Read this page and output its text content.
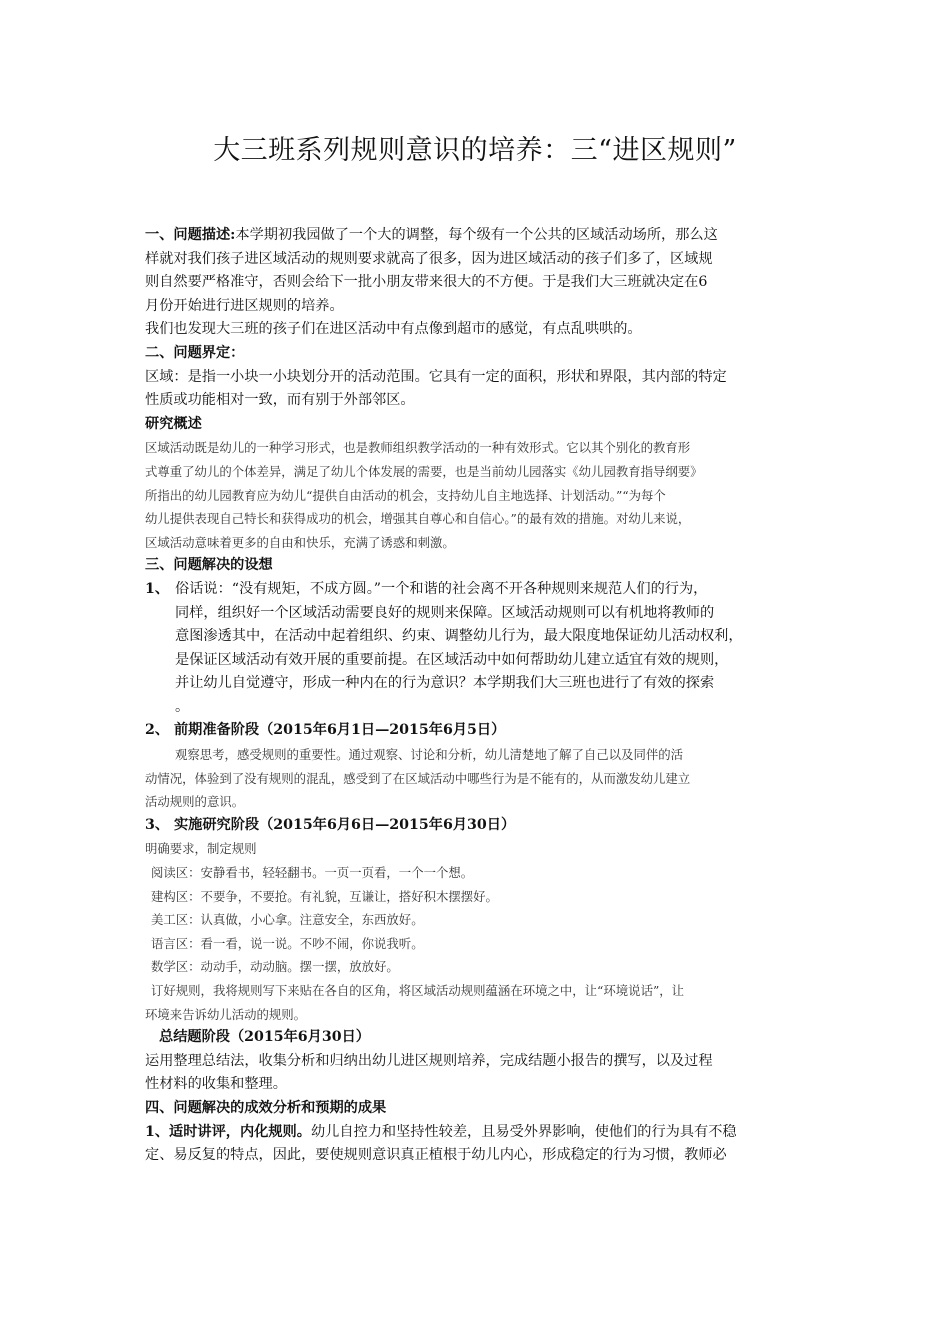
大三班系列规则意识的培养：三“进区规则”

一、问题描述:本学期初我园做了一个大的调整，每个级有一个公共的区域活动场所，那么这

样就对我们孩子进区域活动的规则要求就高了很多，因为进区域活动的孩子们多了，区域规

则自然要严格准守，否则会给下一批小朋友带来很大的不方便。于是我们大三班就决定在6

月份开始进行进区规则的培养。

我们也发现大三班的孩子们在进区活动中有点像到超市的感觉，有点乱哄哄的。

二、问题界定：

区域：是指一小块一小块划分开的活动范围。它具有一定的面积，形状和界限，其内部的特定

性质或功能相对一致，而有别于外部邻区。

研究概述

区域活动既是幼儿的一种学习形式，也是教师组织教学活动的一种有效形式。它以其个别化的教育形

式尊重了幼儿的个体差异，满足了幼儿个体发展的需要，也是当前幼儿园落实《幼儿园教育指导纲要》

所指出的幼儿园教育应为幼儿“提供自由活动的机会，支持幼儿自主地选择、计划活动。”“为每个

幼儿提供表现自己特长和获得成功的机会，增强其自尊心和自信心。”的最有效的措施。对幼儿来说，

区域活动意味着更多的自由和快乐，充满了诱惑和刺激。

三、问题解决的设想

1、 俗话说：“没有规矩，不成方圆。”一个和谐的社会离不开各种规则来规范人们的行为，

同样，组织好一个区域活动需要良好的规则来保障。区域活动规则可以有机地将教师的

意图渗透其中，在活动中起着组织、约束、调整幼儿行为，最大限度地保证幼儿活动权利，

是保证区域活动有效开展的重要前提。在区域活动中如何帮助幼儿建立适宜有效的规则，

并让幼儿自觉遵守，形成一种内在的行为意识？本学期我们大三班也进行了有效的探索

。

2、 前期准备阶段（2015年6月1日—2015年6月5日）

观察思考，感受规则的重要性。通过观察、讨论和分析，幼儿清楚地了解了自己以及同伴的活

动情况，体验到了没有规则的混乱，感受到了在区域活动中哪些行为是不能有的，从而激发幼儿建立

活动规则的意识。

3、 实施研究阶段（2015年6月6日—2015年6月30日）

明确要求，制定规则

阅读区：安静看书，轻轻翻书。一页一页看，一个一个想。

建构区：不要争，不要抢。有礼貌，互谦让，搭好积木摆摆好。

美工区：认真做，小心拿。注意安全，东西放好。

语言区：看一看，说一说。不吵不闹，你说我听。

数学区：动动手，动动脑。摆一摆，放放好。

订好规则，我将规则写下来贴在各自的区角，将区域活动规则蕴涵在环境之中，让“环境说话”，让

环境来告诉幼儿活动的规则。

总结题阶段（2015年6月30日）

运用整理总结法，收集分析和归纳出幼儿进区规则培养，完成结题小报告的撰写，以及过程

性材料的收集和整理。

四、问题解决的成效分析和预期的成果

1、适时讲评，内化规则。幼儿自控力和坚持性较差，且易受外界影响，使他们的行为具有不稳

定、易反复的特点，因此，要使规则意识真正植根于幼儿内心，形成稳定的行为习惯，教师必
